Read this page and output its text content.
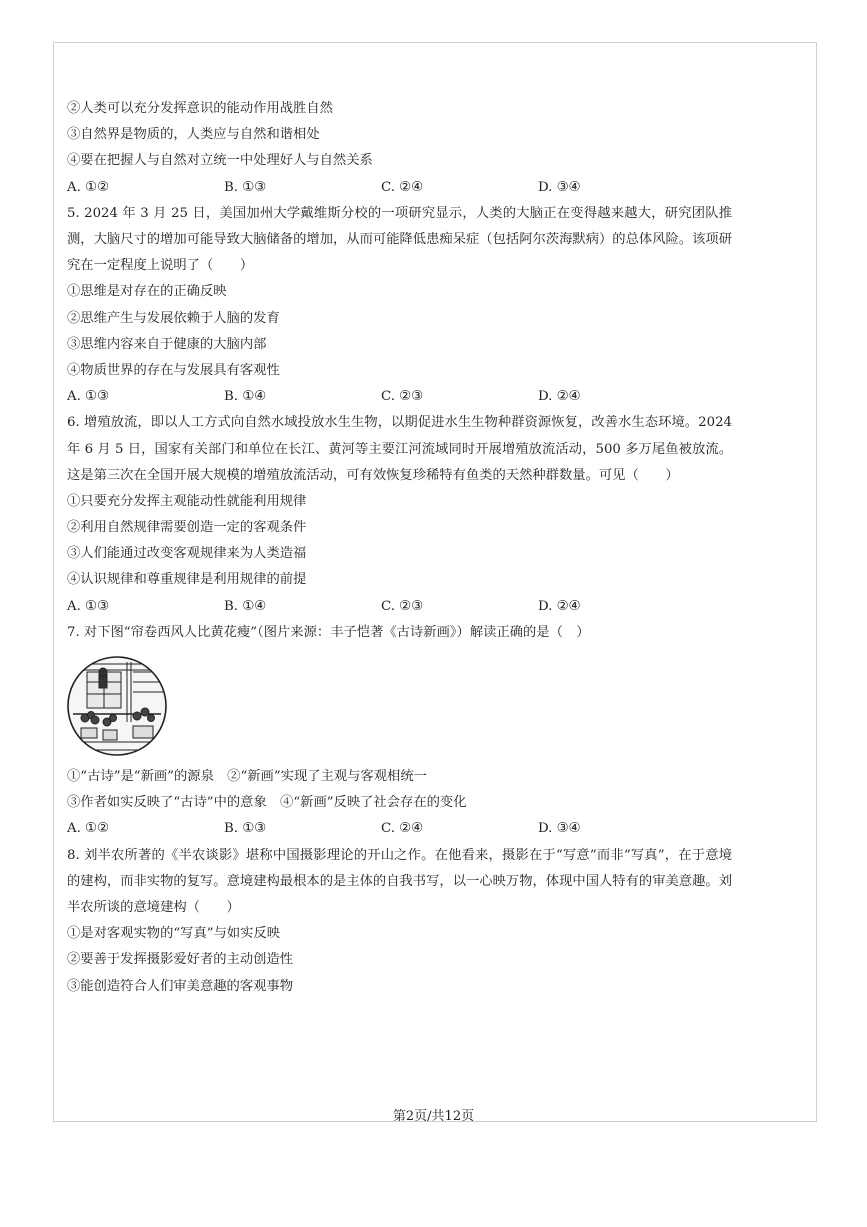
②人类可以充分发挥意识的能动作用战胜自然
③自然界是物质的，人类应与自然和谐相处
④要在把握人与自然对立统一中处理好人与自然关系
A. ①②	B. ①③	C. ②④	D. ③④
5. 2024 年 3 月 25 日，美国加州大学戴维斯分校的一项研究显示，人类的大脑正在变得越来越大，研究团队推测，大脑尺寸的增加可能导致大脑储备的增加，从而可能降低患痴呆症（包括阿尔茨海默病）的总体风险。该项研究在一定程度上说明了（　　）
①思维是对存在的正确反映
②思维产生与发展依赖于人脑的发育
③思维内容来自于健康的大脑内部
④物质世界的存在与发展具有客观性
A. ①③	B. ①④	C. ②③	D. ②④
6. 增殖放流，即以人工方式向自然水域投放水生生物，以期促进水生生物种群资源恢复，改善水生态环境。2024 年 6 月 5 日，国家有关部门和单位在长江、黄河等主要江河流域同时开展增殖放流活动，500 多万尾鱼被放流。这是第三次在全国开展大规模的增殖放流活动，可有效恢复珍稀特有鱼类的天然种群数量。可见（　　）
①只要充分发挥主观能动性就能利用规律
②利用自然规律需要创造一定的客观条件
③人们能通过改变客观规律来为人类造福
④认识规律和尊重规律是利用规律的前提
A. ①③	B. ①④	C. ②③	D. ②④
7. 对下图“帘卷西风人比黄花瘦”（图片来源：丰子恺著《古诗新画》）解读正确的是（　）
①“古诗”是“新画”的源泉　②“新画”实现了主观与客观相统一
③作者如实反映了“古诗”中的意象　④“新画”反映了社会存在的变化
A. ①②	B. ①③	C. ②④	D. ③④
8. 刘半农所著的《半农谈影》堪称中国摄影理论的开山之作。在他看来，摄影在于“写意”而非“写真”，在于意境的建构，而非实物的复写。意境建构最根本的是主体的自我书写，以一心映万物，体现中国人特有的审美意趣。刘半农所谈的意境建构（　　）
①是对客观实物的“写真”与如实反映
②要善于发挥摄影爱好者的主动创造性
③能创造符合人们审美意趣的客观事物
第2页/共12页
